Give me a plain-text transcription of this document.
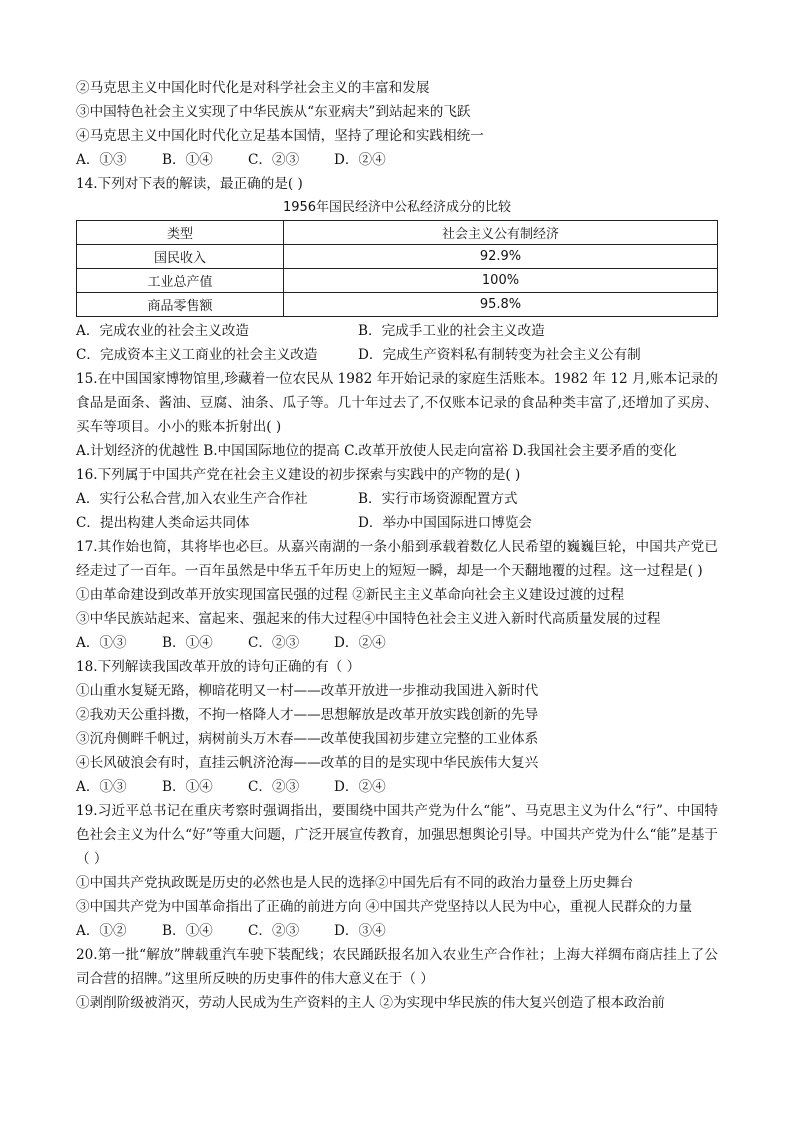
②马克思主义中国化时代化是对科学社会主义的丰富和发展
③中国特色社会主义实现了中华民族从“东亚病夫”到站起来的飞跃
④马克思主义中国化时代化立足基本国情，坚持了理论和实践相统一
A．①③	B．①④	C．②③	D．②④
14.下列对下表的解读，最正确的是( )
1956年国民经济中公私经济成分的比较
类型	社会主义公有制经济
国民收入	92.9%
工业总产值	100%
商品零售额	95.8%
A．完成农业的社会主义改造	B．完成手工业的社会主义改造
C．完成资本主义工商业的社会主义改造	D．完成生产资料私有制转变为社会主义公有制
15.在中国国家博物馆里,珍藏着一位农民从 1982 年开始记录的家庭生活账本。1982 年 12 月,账本记录的食品是面条、酱油、豆腐、油条、瓜子等。几十年过去了,不仅账本记录的食品种类丰富了,还增加了买房、买车等项目。小小的账本折射出( )
A.计划经济的优越性 B.中国国际地位的提高 C.改革开放使人民走向富裕 D.我国社会主要矛盾的变化
16.下列属于中国共产党在社会主义建设的初步探索与实践中的产物的是( )
A．实行公私合营,加入农业生产合作社	B．实行市场资源配置方式
C．提出构建人类命运共同体	D．举办中国国际进口博览会
17.其作始也简，其将毕也必巨。从嘉兴南湖的一条小船到承载着数亿人民希望的巍巍巨轮，中国共产党已经走过了一百年。一百年虽然是中华五千年历史上的短短一瞬，却是一个天翻地覆的过程。这一过程是( )
①由革命建设到改革开放实现国富民强的过程 ②新民主主义革命向社会主义建设过渡的过程
③中华民族站起来、富起来、强起来的伟大过程④中国特色社会主义进入新时代高质量发展的过程
A．①③	B．①④	C．②③	D．②④
18.下列解读我国改革开放的诗句正确的有（ ）
①山重水复疑无路，柳暗花明又一村——改革开放进一步推动我国进入新时代
②我劝天公重抖擞，不拘一格降人才——思想解放是改革开放实践创新的先导
③沉舟侧畔千帆过，病树前头万木春——改革使我国初步建立完整的工业体系
④长风破浪会有时，直挂云帆济沧海——改革的目的是实现中华民族伟大复兴
A．①③	B．①④	C．②③	D．②④
19.习近平总书记在重庆考察时强调指出，要围绕中国共产党为什么“能”、马克思主义为什么“行”、中国特色社会主义为什么“好”等重大问题，广泛开展宣传教育，加强思想舆论引导。中国共产党为什么“能”是基于（ ）
①中国共产党执政既是历史的必然也是人民的选择②中国先后有不同的政治力量登上历史舞台
③中国共产党为中国革命指出了正确的前进方向 ④中国共产党坚持以人民为中心，重视人民群众的力量
A．①②	B．①④	C．②③	D．③④
20.第一批“解放”牌载重汽车驶下装配线；农民踊跃报名加入农业生产合作社；上海大祥绸布商店挂上了公司合营的招牌。”这里所反映的历史事件的伟大意义在于（ ）
①剥削阶级被消灭，劳动人民成为生产资料的主人 ②为实现中华民族的伟大复兴创造了根本政治前
